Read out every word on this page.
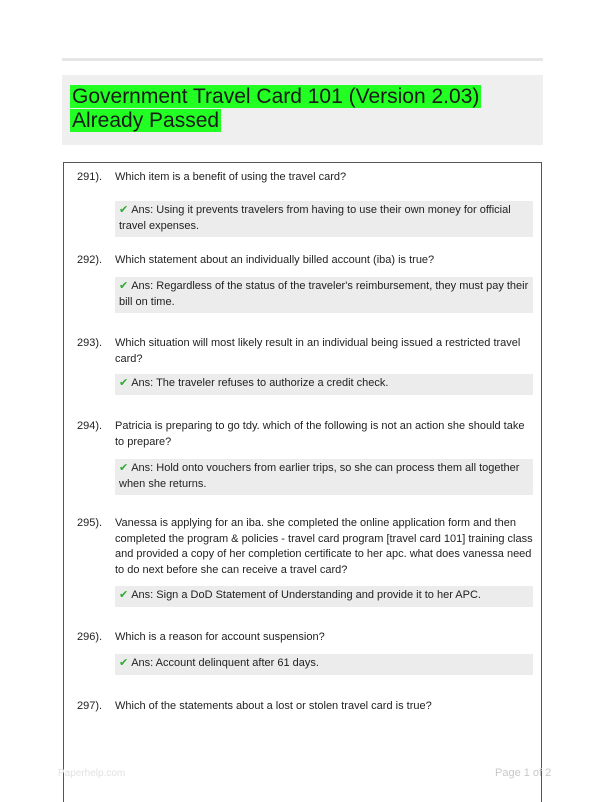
Government Travel Card 101 (Version 2.03) Already Passed
291). Which item is a benefit of using the travel card?
✔ Ans: Using it prevents travelers from having to use their own money for official travel expenses.
292). Which statement about an individually billed account (iba) is true?
✔ Ans: Regardless of the status of the traveler's reimbursement, they must pay their bill on time.
293). Which situation will most likely result in an individual being issued a restricted travel card?
✔ Ans: The traveler refuses to authorize a credit check.
294). Patricia is preparing to go tdy. which of the following is not an action she should take to prepare?
✔ Ans: Hold onto vouchers from earlier trips, so she can process them all together when she returns.
295). Vanessa is applying for an iba. she completed the online application form and then completed the program & policies - travel card program [travel card 101] training class and provided a copy of her completion certificate to her apc. what does vanessa need to do next before she can receive a travel card?
✔ Ans: Sign a DoD Statement of Understanding and provide it to her APC.
296). Which is a reason for account suspension?
✔ Ans: Account delinquent after 61 days.
297). Which of the statements about a lost or stolen travel card is true?
Paperhelp.com	Page 1 of 2
